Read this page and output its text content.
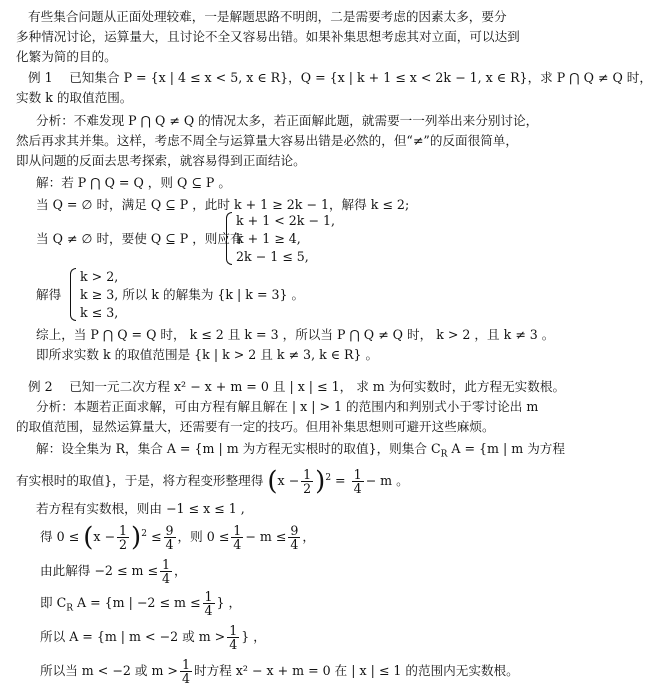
有些集合问题从正面处理较难，一是解题思路不明朗，二是需要考虑的因素太多，要分
多种情况讨论，运算量大，且讨论不全又容易出错。如果补集思想考虑其对立面，可以达到
化繁为简的目的。
例 1　 已知集合 P = {x | 4 ≤ x < 5, x ∈ R}，Q = {x | k + 1 ≤ x < 2k − 1, x ∈ R}，求 P ⋂ Q ≠ Q 时，
实数 k 的取值范围。
分析：不难发现 P ⋂ Q ≠ Q 的情况太多，若正面解此题，就需要一一列举出来分别讨论，
然后再求其并集。这样，考虑不周全与运算量大容易出错是必然的，但“≠”的反面很简单，
即从问题的反面去思考探索，就容易得到正面结论。
解：若 P ⋂ Q = Q ，则 Q ⊆ P 。
当 Q = ∅ 时，满足 Q ⊆ P ，此时 k + 1 ≥ 2k − 1，解得 k ≤ 2;
当 Q ≠ ∅ 时，要使 Q ⊆ P ，则应有
k + 1 < 2k − 1,
k + 1 ≥ 4,
2k − 1 ≤ 5,
解得
k > 2,
k ≥ 3, 所以 k 的解集为 {k | k = 3} 。
k ≤ 3,
综上，当 P ⋂ Q = Q 时， k ≤ 2 且 k = 3 ，所以当 P ⋂ Q ≠ Q 时， k > 2 ，且 k ≠ 3 。
即所求实数 k 的取值范围是 {k | k > 2 且 k ≠ 3, k ∈ R} 。
例 2　 已知一元二次方程 x² − x + m = 0 且 | x | ≤ 1， 求 m 为何实数时，此方程无实数根。
分析：本题若正面求解，可由方程有解且解在 | x | > 1 的范围内和判别式小于零讨论出 m
的取值范围，显然运算量大，还需要有一定的技巧。但用补集思想则可避开这些麻烦。
解：设全集为 R，集合 A = {m | m 为方程无实根时的取值}，则集合 $C_R$ A = {m | m 为方程
有实根时的取值}，于是，将方程变形整理得 $(x - \frac{1}{2} )^2 = \frac{1}{4} - m$ 。
若方程有实数根，则由 −1 ≤ x ≤ 1 ,
得 $0 \le (x - \frac{1}{2} )^2 \le \frac{9}{4}$ ，则 $0 \le \frac{1}{4} - m \le \frac{9}{4}$ ，
由此解得 $-2 \le m \le \frac{1}{4}$ ，
即 $C_R$ A = {m | $-2 \le m \le \frac{1}{4}$ } ，
所以 A = {m | m < −2 或 $m > \frac{1}{4}$ } ，
所以当 m < −2 或 $m > \frac{1}{4}$ 时方程 x² − x + m = 0 在 | x | ≤ 1 的范围内无实数根。
